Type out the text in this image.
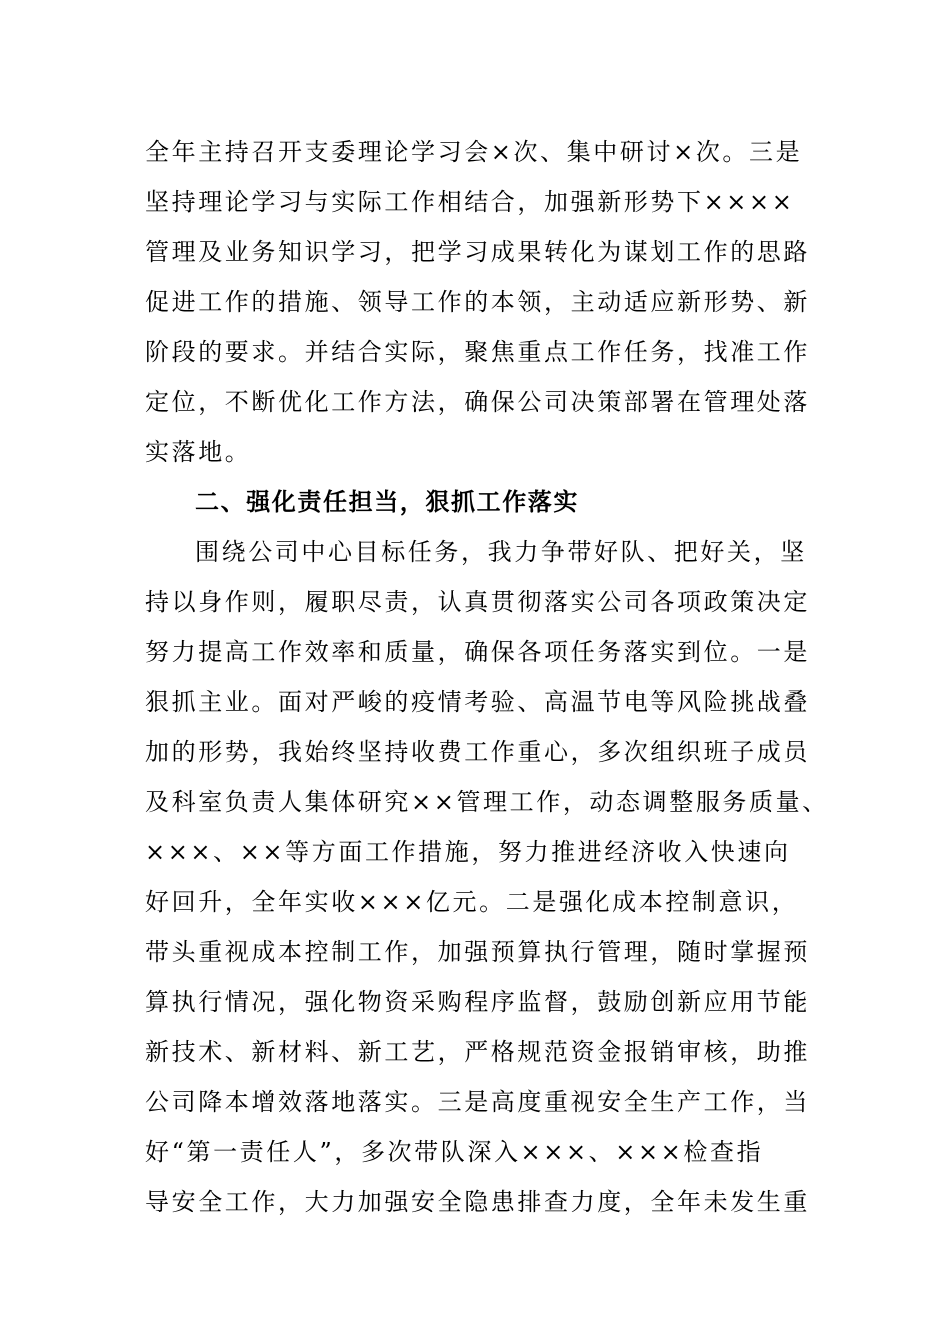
全年主持召开支委理论学习会×次、集中研讨×次。三是
坚持理论学习与实际工作相结合，加强新形势下××××
管理及业务知识学习，把学习成果转化为谋划工作的思路
促进工作的措施、领导工作的本领，主动适应新形势、新
阶段的要求。并结合实际，聚焦重点工作任务，找准工作
定位，不断优化工作方法，确保公司决策部署在管理处落
实落地。
二、强化责任担当，狠抓工作落实
围绕公司中心目标任务，我力争带好队、把好关，坚
持以身作则，履职尽责，认真贯彻落实公司各项政策决定
努力提高工作效率和质量，确保各项任务落实到位。一是
狠抓主业。面对严峻的疫情考验、高温节电等风险挑战叠
加的形势，我始终坚持收费工作重心，多次组织班子成员
及科室负责人集体研究××管理工作，动态调整服务质量、
×××、××等方面工作措施，努力推进经济收入快速向
好回升，全年实收×××亿元。二是强化成本控制意识，
带头重视成本控制工作，加强预算执行管理，随时掌握预
算执行情况，强化物资采购程序监督，鼓励创新应用节能
新技术、新材料、新工艺，严格规范资金报销审核，助推
公司降本增效落地落实。三是高度重视安全生产工作，当
好“第一责任人”，多次带队深入×××、×××检查指
导安全工作，大力加强安全隐患排查力度，全年未发生重
